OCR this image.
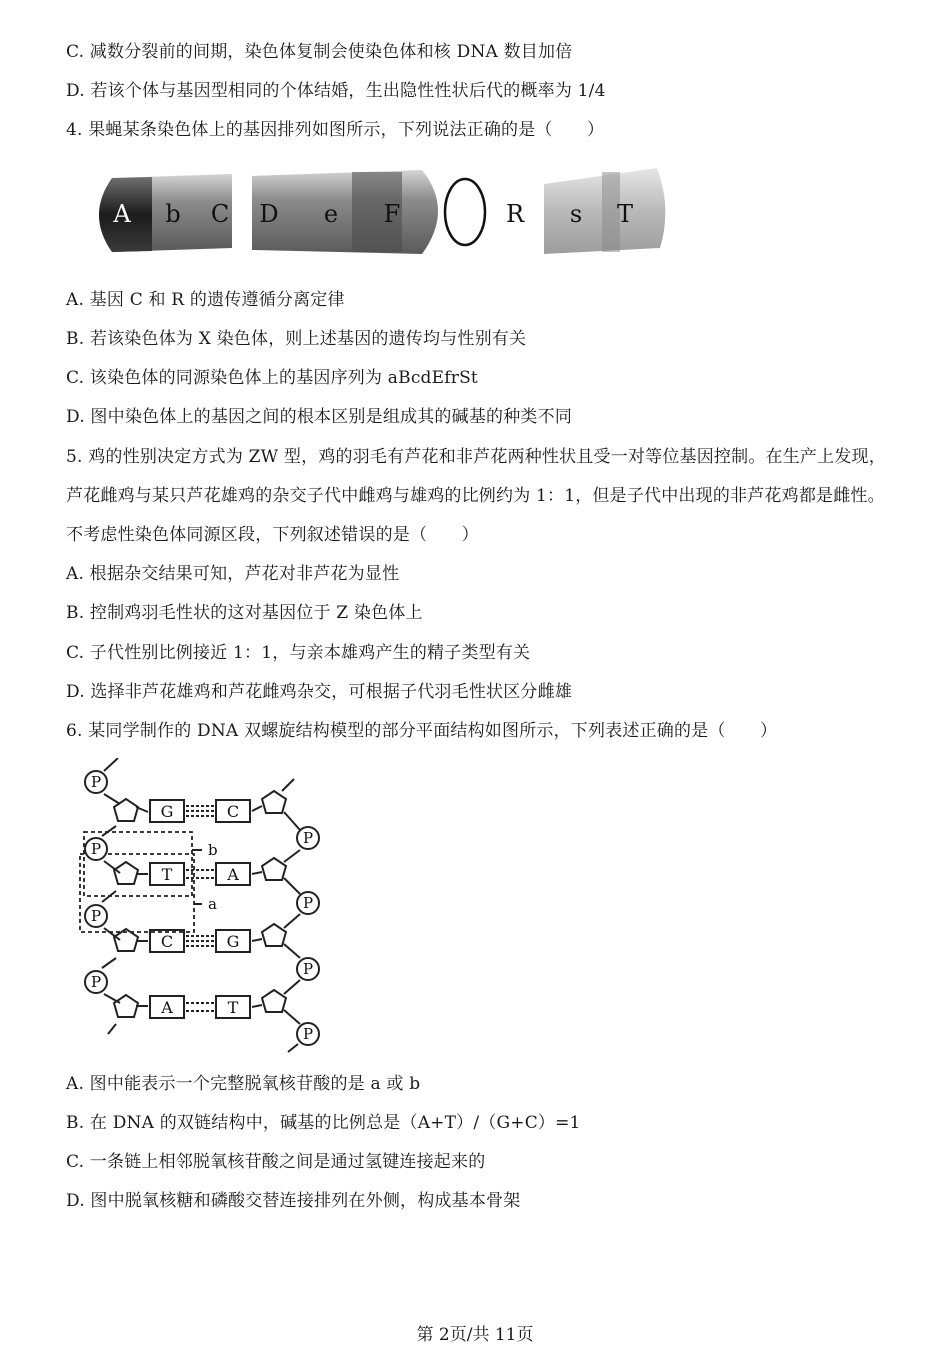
C. 减数分裂前的间期，染色体复制会使染色体和核 DNA 数目加倍
D. 若该个体与基因型相同的个体结婚，生出隐性性状后代的概率为 1/4
4. 果蝇某条染色体上的基因排列如图所示，下列说法正确的是（　　）
A b C D e F	R s T
A. 基因 C 和 R 的遗传遵循分离定律
B. 若该染色体为 X 染色体，则上述基因的遗传均与性别有关
C. 该染色体的同源染色体上的基因序列为 aBcdEfrSt
D. 图中染色体上的基因之间的根本区别是组成其的碱基的种类不同
5. 鸡的性别决定方式为 ZW 型，鸡的羽毛有芦花和非芦花两种性状且受一对等位基因控制。在生产上发现，
芦花雌鸡与某只芦花雄鸡的杂交子代中雌鸡与雄鸡的比例约为 1：1，但是子代中出现的非芦花鸡都是雌性。
不考虑性染色体同源区段，下列叙述错误的是（　　）
A. 根据杂交结果可知，芦花对非芦花为显性
B. 控制鸡羽毛性状的这对基因位于 Z 染色体上
C. 子代性别比例接近 1：1，与亲本雄鸡产生的精子类型有关
D. 选择非芦花雄鸡和芦花雌鸡杂交，可根据子代羽毛性状区分雌雄
6. 某同学制作的 DNA 双螺旋结构模型的部分平面结构如图所示，下列表述正确的是（　　）
P
P
P
P
P
P
P
P
G
T
C
A
C
A
G
T
b
a
A. 图中能表示一个完整脱氧核苷酸的是 a 或 b
B. 在 DNA 的双链结构中，碱基的比例总是（A+T）/（G+C）=1
C. 一条链上相邻脱氧核苷酸之间是通过氢键连接起来的
D. 图中脱氧核糖和磷酸交替连接排列在外侧，构成基本骨架
第 2页/共 11页
